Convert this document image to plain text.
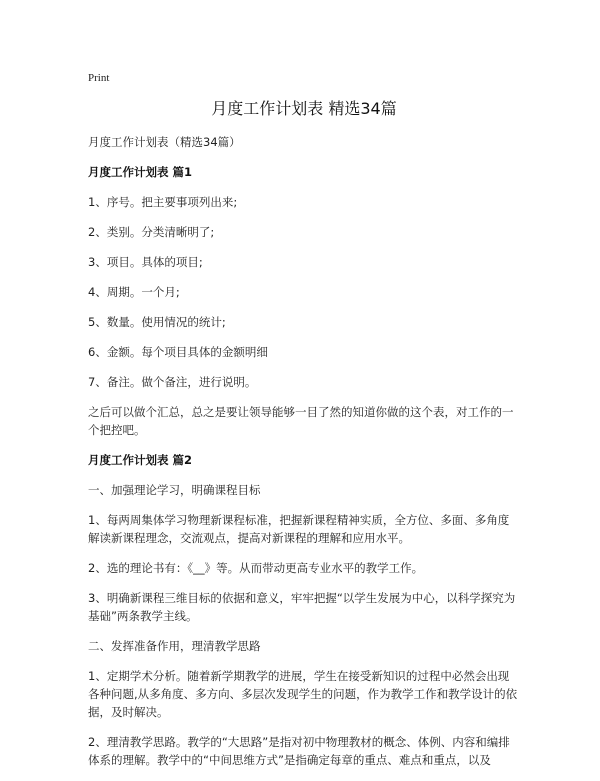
Print
月度工作计划表 精选34篇

月度工作计划表（精选34篇）

月度工作计划表 篇1

1、序号。把主要事项列出来;

2、类别。分类清晰明了;

3、项目。具体的项目;

4、周期。一个月;

5、数量。使用情况的统计;

6、金额。每个项目具体的金额明细

7、备注。做个备注，进行说明。

之后可以做个汇总，总之是要让领导能够一目了然的知道你做的这个表，对工作的一个把控吧。

月度工作计划表 篇2

一、加强理论学习，明确课程目标

1、每两周集体学习物理新课程标准，把握新课程精神实质，全方位、多面、多角度解读新课程理念，交流观点，提高对新课程的理解和应用水平。

2、选的理论书有：《__》等。从而带动更高专业水平的教学工作。

3、明确新课程三维目标的依据和意义，牢牢把握“以学生发展为中心，以科学探究为基础”两条教学主线。

二、发挥准备作用，理清教学思路

1、定期学术分析。随着新学期教学的进展，学生在接受新知识的过程中必然会出现各种问题,从多角度、多方向、多层次发现学生的问题，作为教学工作和教学设计的依据，及时解决。

2、理清教学思路。教学的“大思路”是指对初中物理教材的概念、体例、内容和编排体系的理解。教学中的“中间思维方式”是指确定每章的重点、难点和重点，以及
